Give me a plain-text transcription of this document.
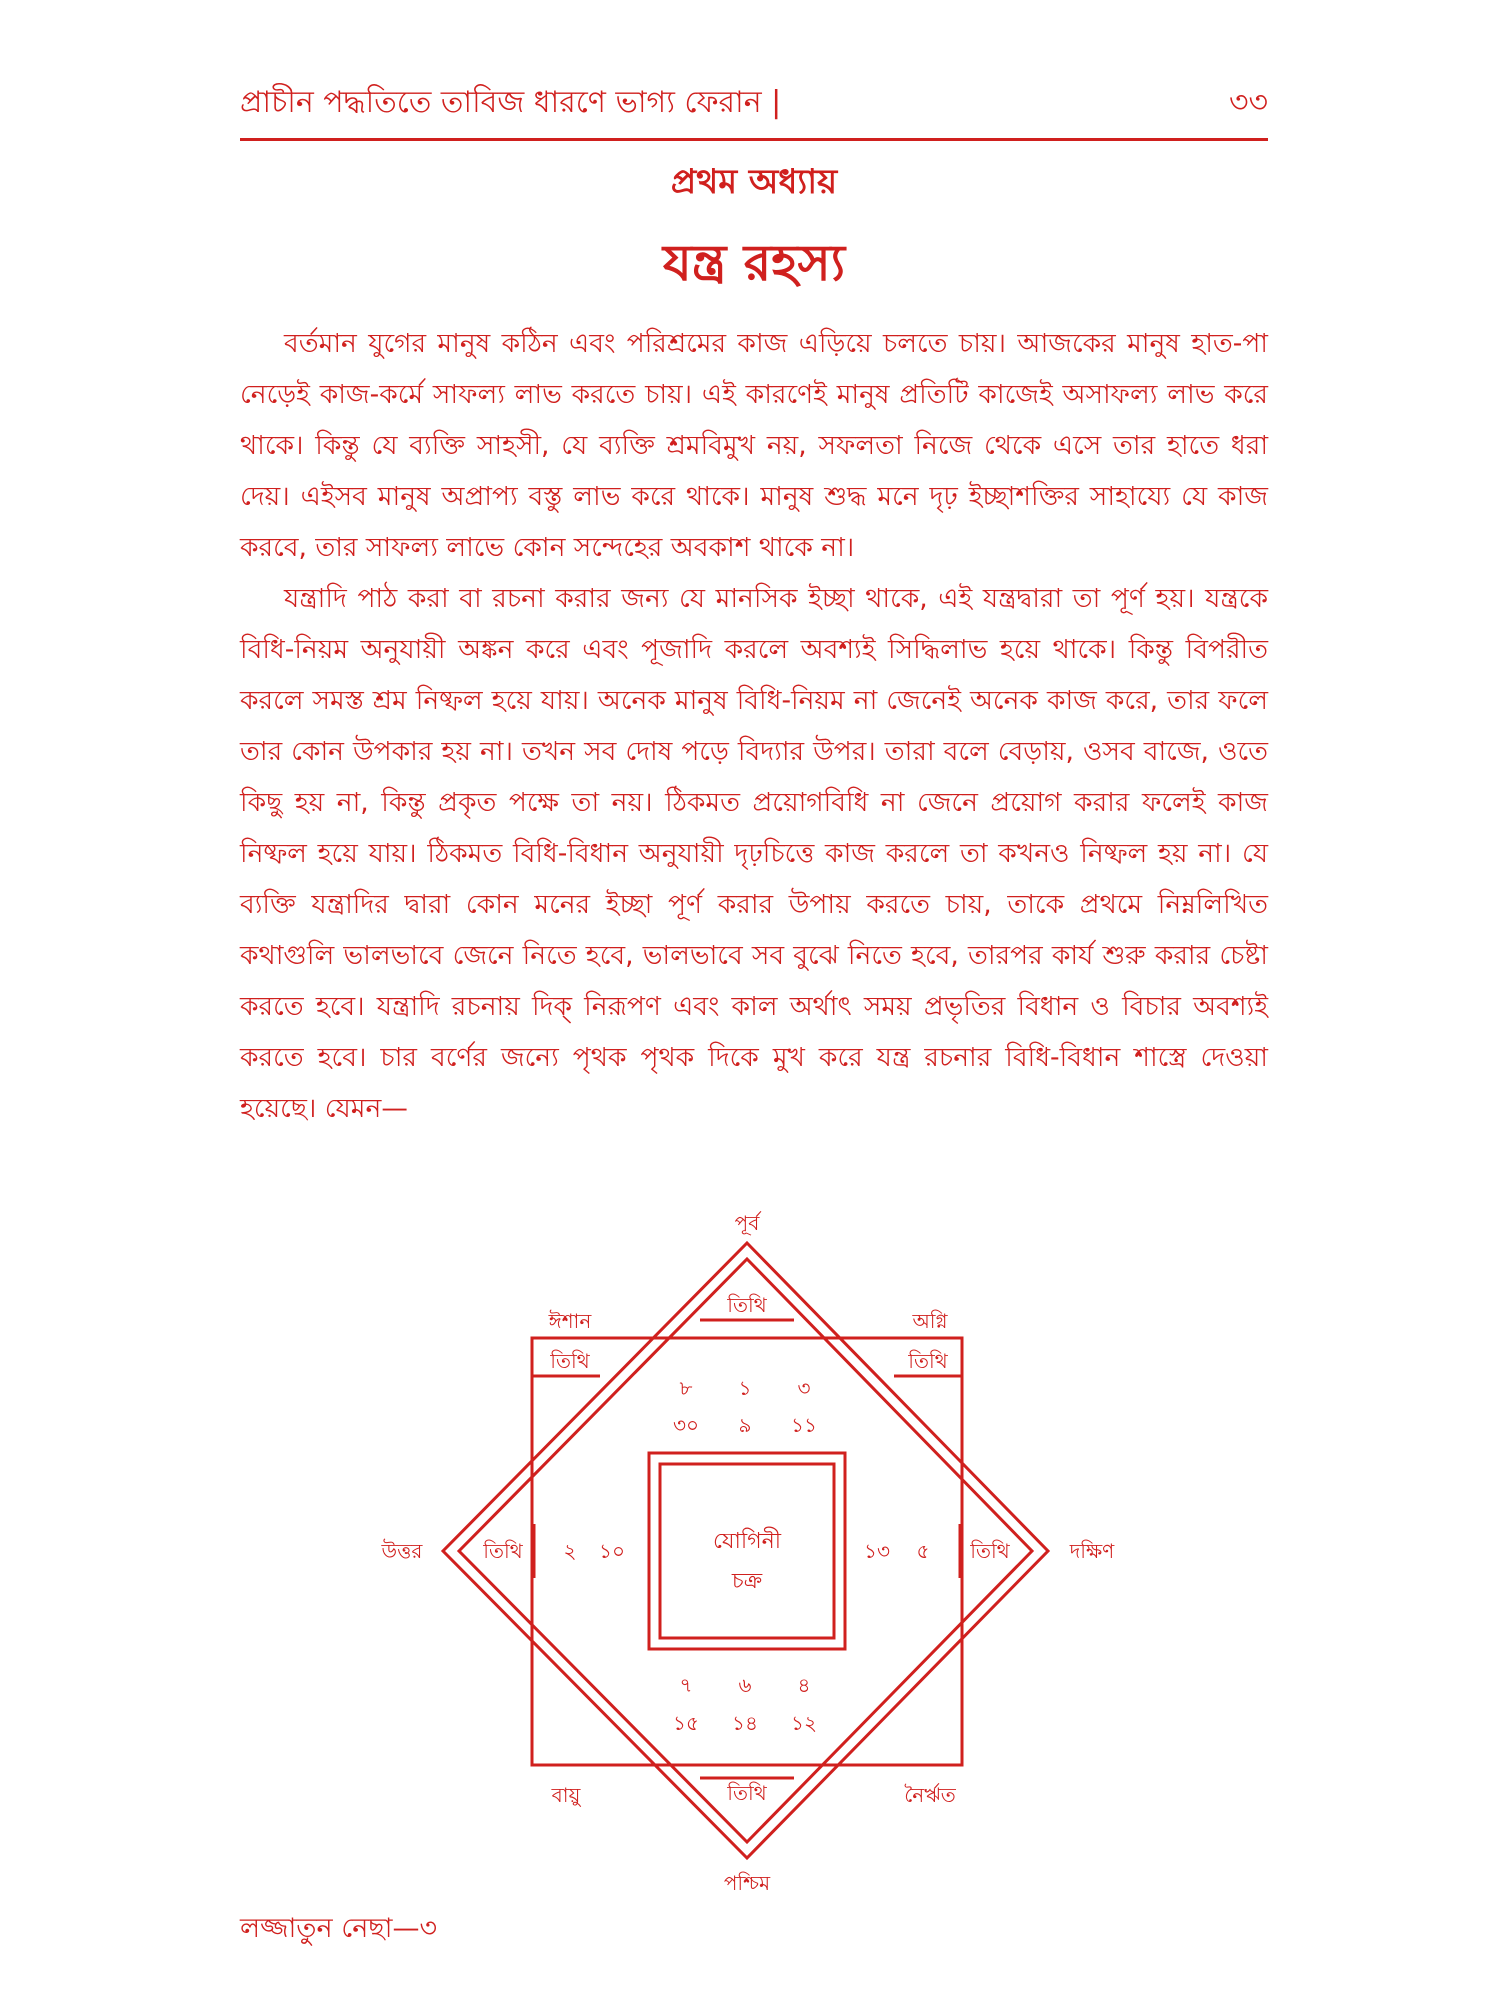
প্রাচীন পদ্ধতিতে তাবিজ ধারণে ভাগ্য ফেরান |	৩৩
প্রথম অধ্যায়
যন্ত্র রহস্য

বর্তমান যুগের মানুষ কঠিন এবং পরিশ্রমের কাজ এড়িয়ে চলতে চায়। আজকের মানুষ হাত-পা নেড়েই কাজ-কর্মে সাফল্য লাভ করতে চায়। এই কারণেই মানুষ প্রতিটি কাজেই অসাফল্য লাভ করে থাকে। কিন্তু যে ব্যক্তি সাহসী, যে ব্যক্তি শ্রমবিমুখ নয়, সফলতা নিজে থেকে এসে তার হাতে ধরা দেয়। এইসব মানুষ অপ্রাপ্য বস্তু লাভ করে থাকে। মানুষ শুদ্ধ মনে দৃঢ় ইচ্ছাশক্তির সাহায্যে যে কাজ করবে, তার সাফল্য লাভে কোন সন্দেহের অবকাশ থাকে না।

যন্ত্রাদি পাঠ করা বা রচনা করার জন্য যে মানসিক ইচ্ছা থাকে, এই যন্ত্রদ্বারা তা পূর্ণ হয়। যন্ত্রকে বিধি-নিয়ম অনুযায়ী অঙ্কন করে এবং পূজাদি করলে অবশ্যই সিদ্ধিলাভ হয়ে থাকে। কিন্তু বিপরীত করলে সমস্ত শ্রম নিষ্ফল হয়ে যায়। অনেক মানুষ বিধি-নিয়ম না জেনেই অনেক কাজ করে, তার ফলে তার কোন উপকার হয় না। তখন সব দোষ পড়ে বিদ্যার উপর। তারা বলে বেড়ায়, ওসব বাজে, ওতে কিছু হয় না, কিন্তু প্রকৃত পক্ষে তা নয়। ঠিকমত প্রয়োগবিধি না জেনে প্রয়োগ করার ফলেই কাজ নিষ্ফল হয়ে যায়। ঠিকমত বিধি-বিধান অনুযায়ী দৃঢ়চিত্তে কাজ করলে তা কখনও নিষ্ফল হয় না। যে ব্যক্তি যন্ত্রাদির দ্বারা কোন মনের ইচ্ছা পূর্ণ করার উপায় করতে চায়, তাকে প্রথমে নিম্নলিখিত কথাগুলি ভালভাবে জেনে নিতে হবে, ভালভাবে সব বুঝে নিতে হবে, তারপর কার্য শুরু করার চেষ্টা করতে হবে। যন্ত্রাদি রচনায় দিক্ নিরূপণ এবং কাল অর্থাৎ সময় প্রভৃতির বিধান ও বিচার অবশ্যই করতে হবে। চার বর্ণের জন্যে পৃথক পৃথক দিকে মুখ করে যন্ত্র রচনার বিধি-বিধান শাস্ত্রে দেওয়া হয়েছে। যেমন—

পূর্ব
পশ্চিম
উত্তর	দক্ষিণ
ঈশান	অগ্নি
বায়ু	নৈর্ঋত
তিথি
তিথি
তিথি	তিথি
তিথি	তিথি
৮ ১ ৩
৩০ ৯ ১১
২ ১০	১৩ ৫
৭ ৬ ৪
১৫ ১৪ ১২
যোগিনী
চক্র
লজ্জাতুন নেছা—৩
